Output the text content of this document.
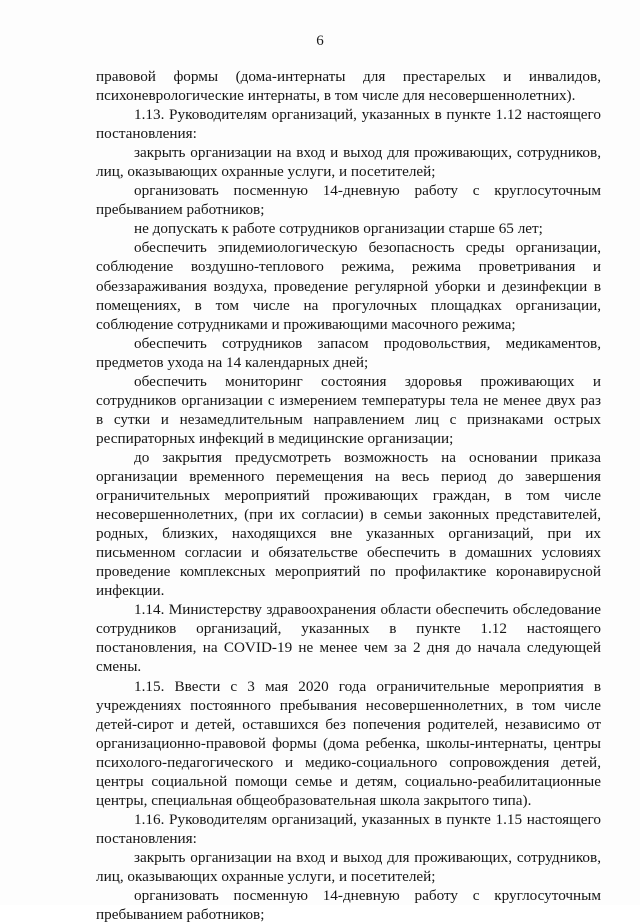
6

правовой формы (дома-интернаты для престарелых и инвалидов, психоневрологические интернаты, в том числе для несовершеннолетних).

1.13. Руководителям организаций, указанных в пункте 1.12 настоящего постановления:

закрыть организации на вход и выход для проживающих, сотрудников, лиц, оказывающих охранные услуги, и посетителей;

организовать посменную 14-дневную работу с круглосуточным пребыванием работников;

не допускать к работе сотрудников организации старше 65 лет;

обеспечить эпидемиологическую безопасность среды организации, соблюдение воздушно-теплового режима, режима проветривания и обеззараживания воздуха, проведение регулярной уборки и дезинфекции в помещениях, в том числе на прогулочных площадках организации, соблюдение сотрудниками и проживающими масочного режима;

обеспечить сотрудников запасом продовольствия, медикаментов, предметов ухода на 14 календарных дней;

обеспечить мониторинг состояния здоровья проживающих и сотрудников организации с измерением температуры тела не менее двух раз в сутки и незамедлительным направлением лиц с признаками острых респираторных инфекций в медицинские организации;

до закрытия предусмотреть возможность на основании приказа организации временного перемещения на весь период до завершения ограничительных мероприятий проживающих граждан, в том числе несовершеннолетних, (при их согласии) в семьи законных представителей, родных, близких, находящихся вне указанных организаций, при их письменном согласии и обязательстве обеспечить в домашних условиях проведение комплексных мероприятий по профилактике коронавирусной инфекции.

1.14. Министерству здравоохранения области обеспечить обследование сотрудников организаций, указанных в пункте 1.12 настоящего постановления, на COVID-19 не менее чем за 2 дня до начала следующей смены.

1.15. Ввести с 3 мая 2020 года ограничительные мероприятия в учреждениях постоянного пребывания несовершеннолетних, в том числе детей-сирот и детей, оставшихся без попечения родителей, независимо от организационно-правовой формы (дома ребенка, школы-интернаты, центры психолого-педагогического и медико-социального сопровождения детей, центры социальной помощи семье и детям, социально-реабилитационные центры, специальная общеобразовательная школа закрытого типа).

1.16. Руководителям организаций, указанных в пункте 1.15 настоящего постановления:

закрыть организации на вход и выход для проживающих, сотрудников, лиц, оказывающих охранные услуги, и посетителей;

организовать посменную 14-дневную работу с круглосуточным пребыванием работников;
